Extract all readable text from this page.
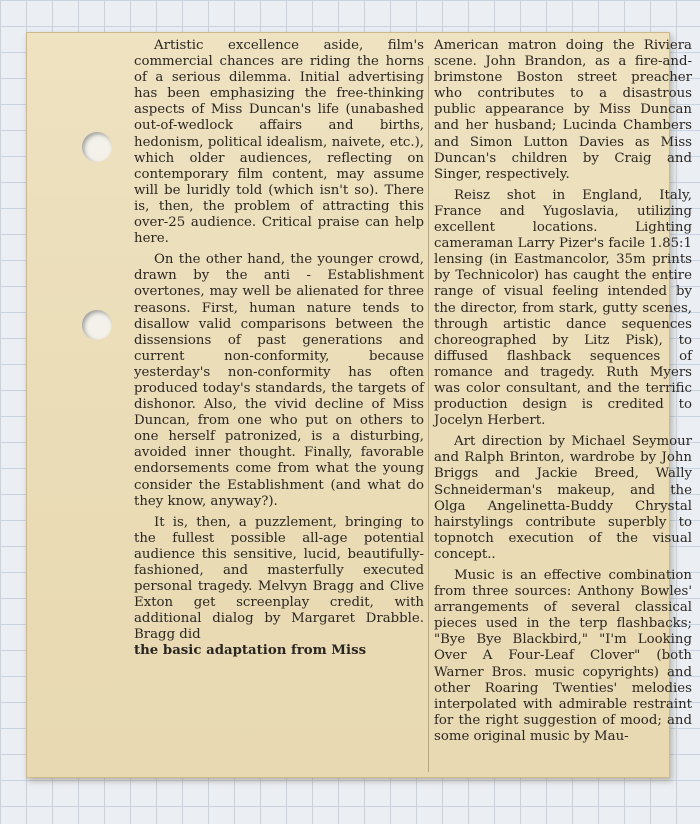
Artistic excellence aside, film's commercial chances are riding the horns of a serious dilemma. Initial advertising has been emphasizing the free-thinking aspects of Miss Duncan's life (unabashed out-of-wedlock affairs and births, hedonism, political idealism, naivete, etc.), which older audiences, reflecting on contemporary film content, may assume will be luridly told (which isn't so). There is, then, the problem of attracting this over-25 audience. Critical praise can help here.

On the other hand, the younger crowd, drawn by the anti - Establishment overtones, may well be alienated for three reasons. First, human nature tends to disallow valid comparisons between the dissensions of past generations and current non-conformity, because yesterday's non-conformity has often produced today's standards, the targets of dishonor. Also, the vivid decline of Miss Duncan, from one who put on others to one herself patronized, is a disturbing, avoided inner thought. Finally, favorable endorsements come from what the young consider the Establishment (and what do they know, anyway?).

It is, then, a puzzlement, bringing to the fullest possible all-age potential audience this sensitive, lucid, beautifully-fashioned, and masterfully executed personal tragedy. Melvyn Bragg and Clive Exton get screenplay credit, with additional dialog by Margaret Drabble. Bragg did

the basic adaptation from Miss

American matron doing the Riviera scene. John Brandon, as a fire-and-brimstone Boston street preacher who contributes to a disastrous public appearance by Miss Duncan and her husband; Lucinda Chambers and Simon Lutton Davies as Miss Duncan's children by Craig and Singer, respectively.

Reisz shot in England, Italy, France and Yugoslavia, utilizing excellent locations. Lighting cameraman Larry Pizer's facile 1.85:1 lensing (in Eastmancolor, 35m prints by Technicolor) has caught the entire range of visual feeling intended by the director, from stark, gutty scenes, through artistic dance sequences choreographed by Litz Pisk), to diffused flashback sequences of romance and tragedy. Ruth Myers was color consultant, and the terrific production design is credited to Jocelyn Herbert.

Art direction by Michael Seymour and Ralph Brinton, wardrobe by John Briggs and Jackie Breed, Wally Schneiderman's makeup, and the Olga Angelinetta-Buddy Chrystal hairstylings contribute superbly to topnotch execution of the visual concept..

Music is an effective combination from three sources: Anthony Bowles' arrangements of several classical pieces used in the terp flashbacks; "Bye Bye Blackbird," "I'm Looking Over A Four-Leaf Clover" (both Warner Bros. music copyrights) and other Roaring Twenties' melodies interpolated with admirable restraint for the right suggestion of mood; and some original music by Mau-
